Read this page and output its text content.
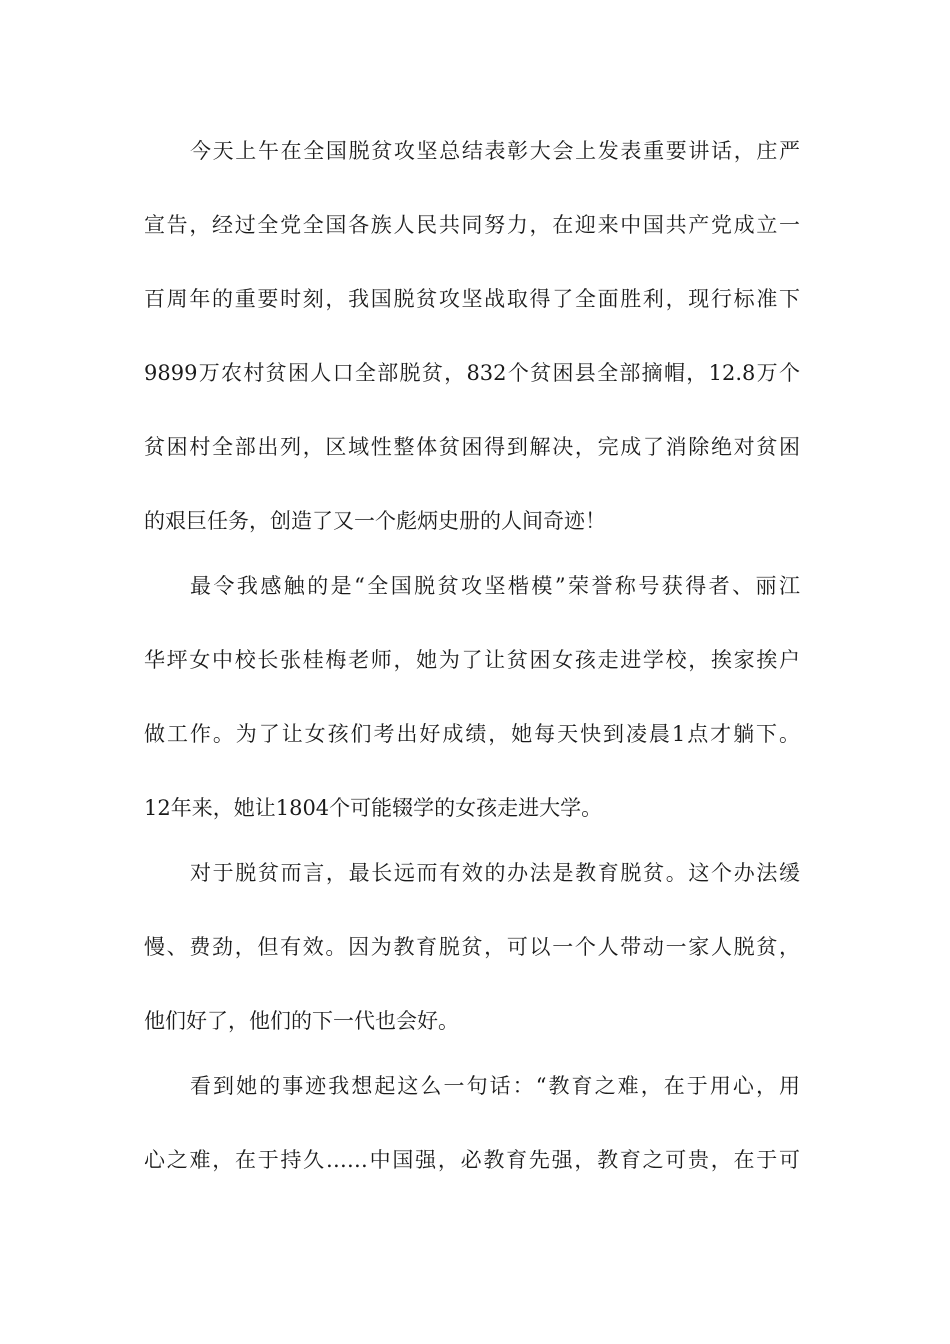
今天上午在全国脱贫攻坚总结表彰大会上发表重要讲话，庄严
宣告，经过全党全国各族人民共同努力，在迎来中国共产党成立一
百周年的重要时刻，我国脱贫攻坚战取得了全面胜利，现行标准下
9899万农村贫困人口全部脱贫，832个贫困县全部摘帽，12.8万个
贫困村全部出列，区域性整体贫困得到解决，完成了消除绝对贫困
的艰巨任务，创造了又一个彪炳史册的人间奇迹！
最令我感触的是“全国脱贫攻坚楷模”荣誉称号获得者、丽江
华坪女中校长张桂梅老师，她为了让贫困女孩走进学校，挨家挨户
做工作。为了让女孩们考出好成绩，她每天快到凌晨1点才躺下。
12年来，她让1804个可能辍学的女孩走进大学。
对于脱贫而言，最长远而有效的办法是教育脱贫。这个办法缓
慢、费劲，但有效。因为教育脱贫，可以一个人带动一家人脱贫，
他们好了，他们的下一代也会好。
看到她的事迹我想起这么一句话：“教育之难，在于用心，用
心之难，在于持久……中国强，必教育先强，教育之可贵，在于可
